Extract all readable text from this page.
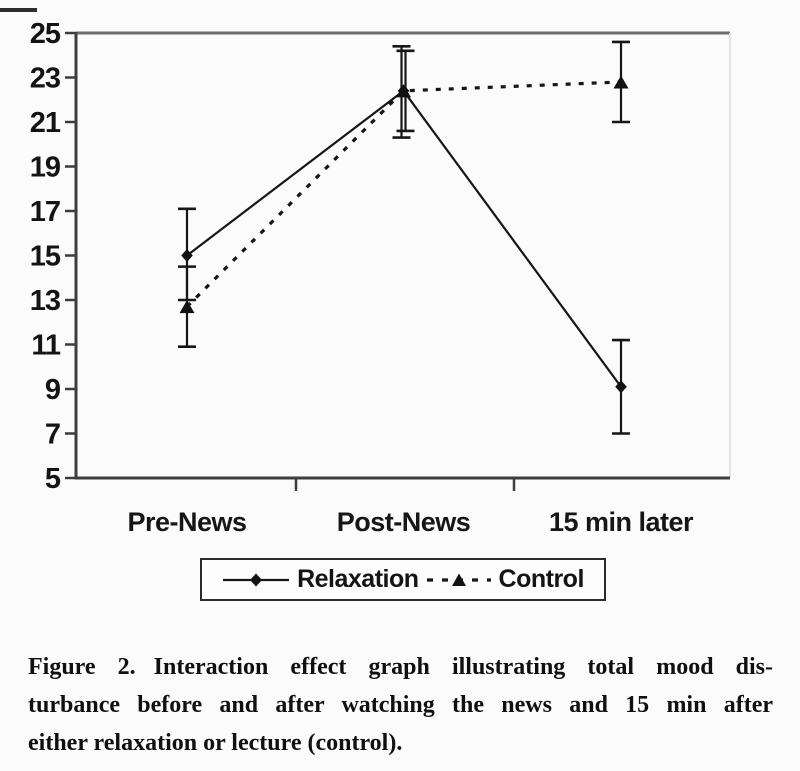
25
23
21
19
17
15
13
11
9
7
5
Pre-News	Post-News	15 min later
Relaxation	Control
Figure 2. Interaction effect graph illustrating total mood dis-
turbance before and after watching the news and 15 min after
either relaxation or lecture (control).
